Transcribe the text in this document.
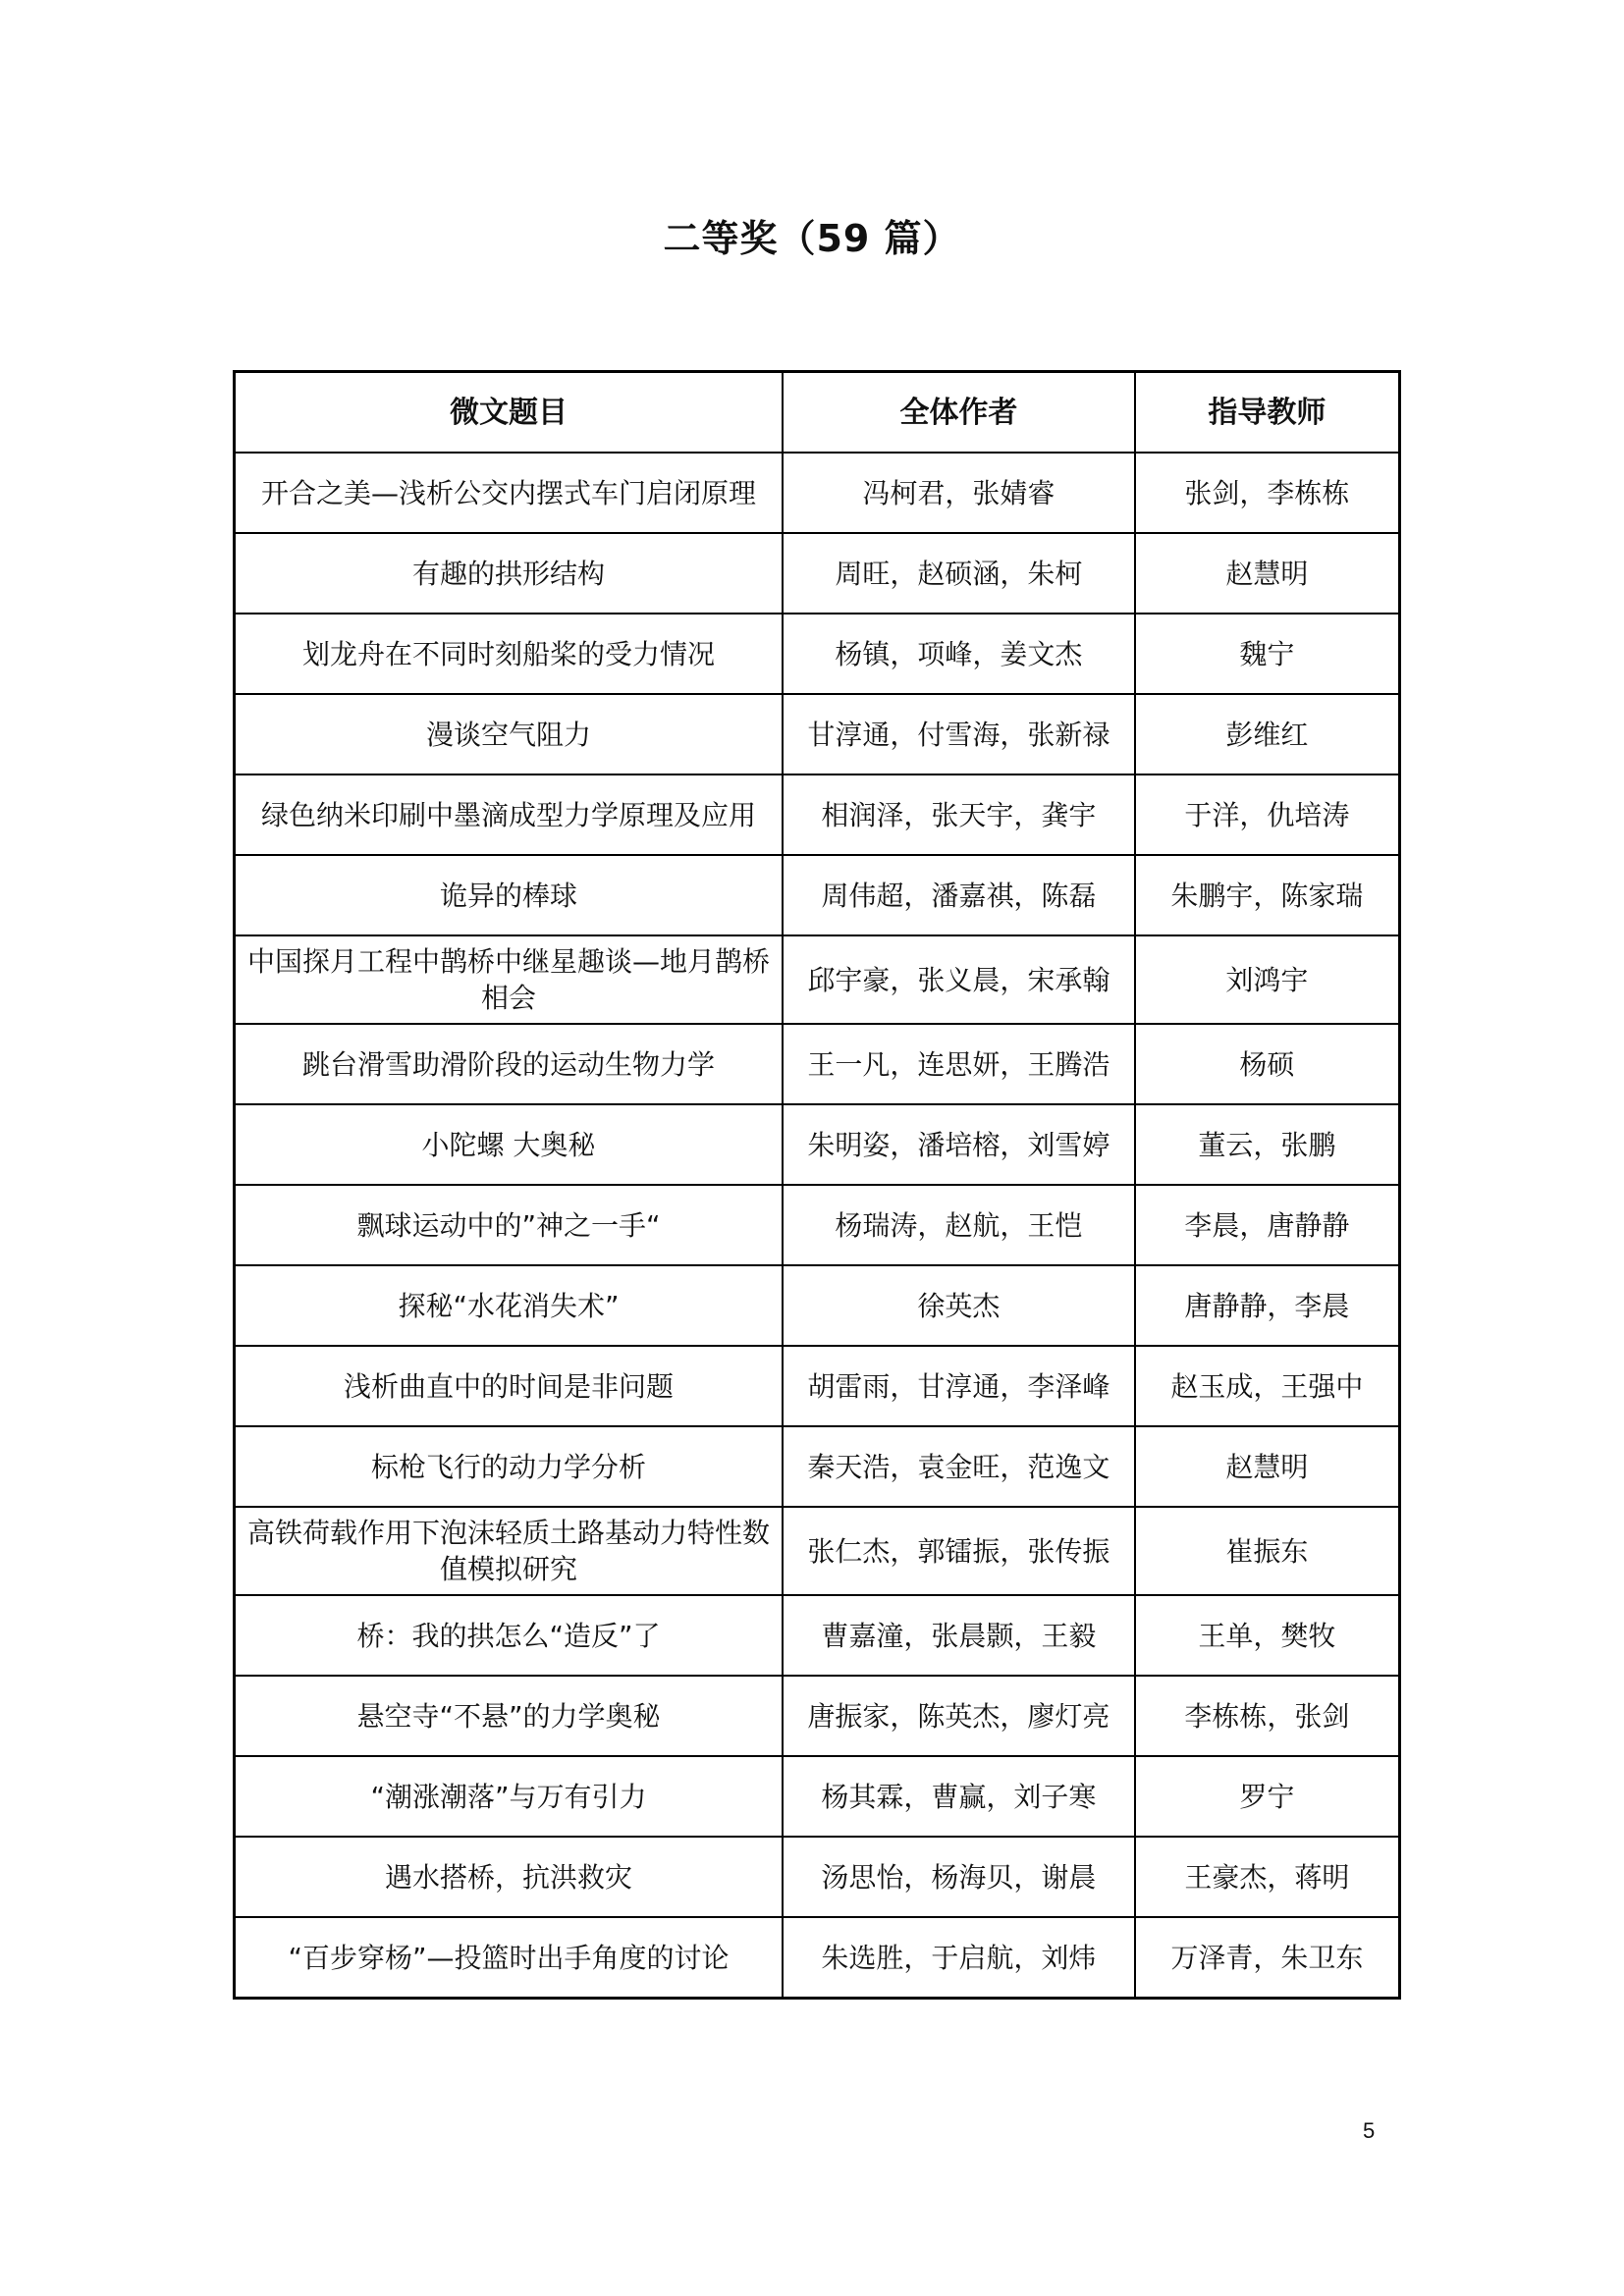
二等奖（59 篇）
微文题目	全体作者	指导教师
开合之美—浅析公交内摆式车门启闭原理	冯柯君，张婧睿	张剑，李栋栋
有趣的拱形结构	周旺，赵硕涵，朱柯	赵慧明
划龙舟在不同时刻船桨的受力情况	杨镇，项峰，姜文杰	魏宁
漫谈空气阻力	甘淳通，付雪海，张新禄	彭维红
绿色纳米印刷中墨滴成型力学原理及应用	相润泽，张天宇，龚宇	于洋，仇培涛
诡异的棒球	周伟超，潘嘉祺，陈磊	朱鹏宇，陈家瑞
中国探月工程中鹊桥中继星趣谈—地月鹊桥相会	邱宇豪，张义晨，宋承翰	刘鸿宇
跳台滑雪助滑阶段的运动生物力学	王一凡，连思妍，王腾浩	杨硕
小陀螺 大奥秘	朱明姿，潘培榕，刘雪婷	董云，张鹏
飘球运动中的”神之一手“	杨瑞涛，赵航，王恺	李晨，唐静静
探秘“水花消失术”	徐英杰	唐静静，李晨
浅析曲直中的时间是非问题	胡雷雨，甘淳通，李泽峰	赵玉成，王强中
标枪飞行的动力学分析	秦天浩，袁金旺，范逸文	赵慧明
高铁荷载作用下泡沫轻质土路基动力特性数值模拟研究	张仁杰，郭镭振，张传振	崔振东
桥：我的拱怎么“造反”了	曹嘉潼，张晨颢，王毅	王单，樊牧
悬空寺“不悬”的力学奥秘	唐振家，陈英杰，廖灯亮	李栋栋，张剑
“潮涨潮落”与万有引力	杨其霖，曹赢，刘子寒	罗宁
遇水搭桥，抗洪救灾	汤思怡，杨海贝，谢晨	王豪杰，蒋明
“百步穿杨”—投篮时出手角度的讨论	朱选胜，于启航，刘炜	万泽青，朱卫东
5
